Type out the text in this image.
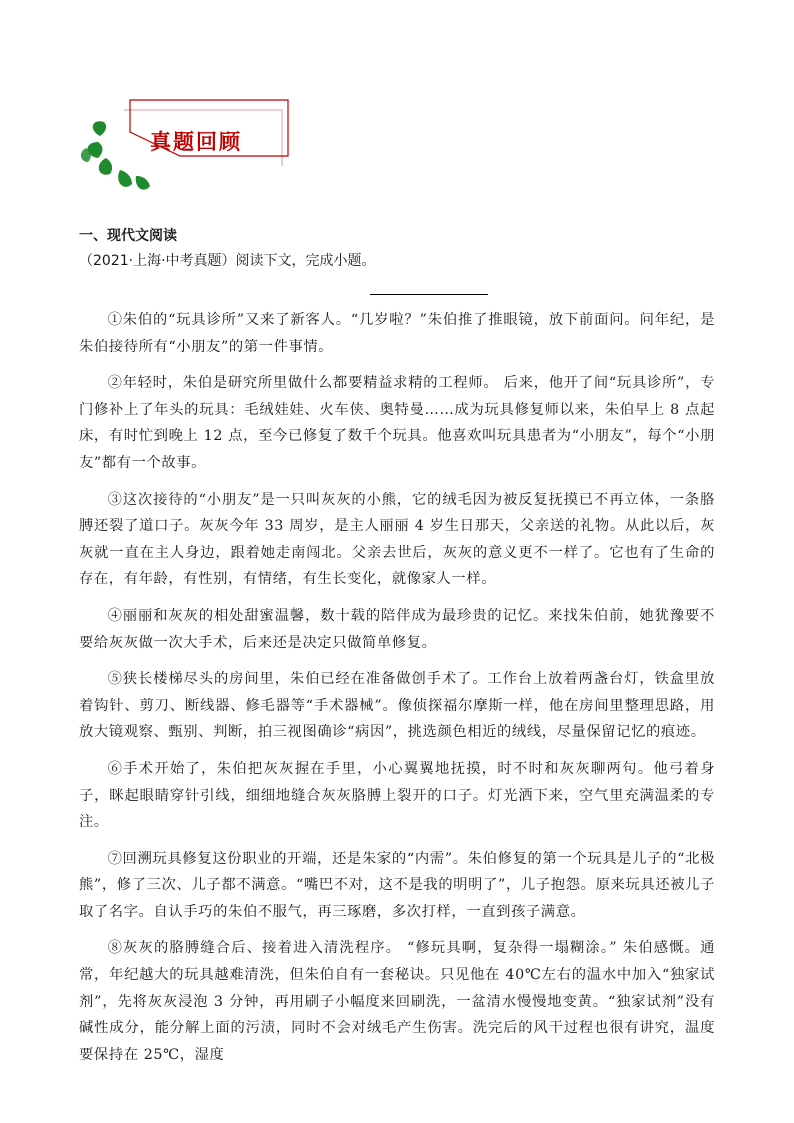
真题回顾
一、现代文阅读
（2021·上海·中考真题）阅读下文，完成小题。

①朱伯的“玩具诊所”又来了新客人。“几岁啦？”朱伯推了推眼镜，放下前面问。问年纪，是朱伯接待所有“小朋友”的第一件事情。

②年轻时，朱伯是研究所里做什么都要精益求精的工程师。 后来，他开了间“玩具诊所”，专门修补上了年头的玩具：毛绒娃娃、火车侠、奥特曼……成为玩具修复师以来，朱伯早上 8 点起床，有时忙到晚上 12 点，至今已修复了数千个玩具。他喜欢叫玩具患者为“小朋友”，每个“小朋友”都有一个故事。

③这次接待的“小朋友”是一只叫灰灰的小熊，它的绒毛因为被反复抚摸已不再立体，一条胳膊还裂了道口子。灰灰今年 33 周岁，是主人丽丽 4 岁生日那天，父亲送的礼物。从此以后，灰灰就一直在主人身边，跟着她走南闯北。父亲去世后，灰灰的意义更不一样了。它也有了生命的存在，有年龄，有性别，有情绪，有生长变化，就像家人一样。

④丽丽和灰灰的相处甜蜜温馨，数十载的陪伴成为最珍贵的记忆。来找朱伯前，她犹豫要不要给灰灰做一次大手术，后来还是决定只做简单修复。

⑤狭长楼梯尽头的房间里，朱伯已经在准备做创手术了。工作台上放着两盏台灯，铁盒里放着钩针、剪刀、断线器、修毛器等“手术器械”。像侦探福尔摩斯一样，他在房间里整理思路，用放大镜观察、甄别、判断，拍三视图确诊“病因”，挑选颜色相近的绒线，尽量保留记忆的痕迹。

⑥手术开始了，朱伯把灰灰握在手里，小心翼翼地抚摸，时不时和灰灰聊两句。他弓着身子，眯起眼睛穿针引线，细细地缝合灰灰胳膊上裂开的口子。灯光洒下来，空气里充满温柔的专注。

⑦回溯玩具修复这份职业的开端，还是朱家的“内需”。朱伯修复的第一个玩具是儿子的“北极熊”，修了三次、儿子都不满意。“嘴巴不对，这不是我的明明了”，儿子抱怨。原来玩具还被儿子取了名字。自认手巧的朱伯不服气，再三琢磨，多次打样，一直到孩子满意。

⑧灰灰的胳膊缝合后、接着进入清洗程序。 “修玩具啊，复杂得一塌糊涂。” 朱伯感慨。通常，年纪越大的玩具越难清洗，但朱伯自有一套秘诀。只见他在 40℃左右的温水中加入“独家试剂”，先将灰灰浸泡 3 分钟，再用刷子小幅度来回刷洗，一盆清水慢慢地变黄。“独家试剂”没有碱性成分，能分解上面的污渍，同时不会对绒毛产生伤害。洗完后的风干过程也很有讲究，温度要保持在 25℃，湿度
